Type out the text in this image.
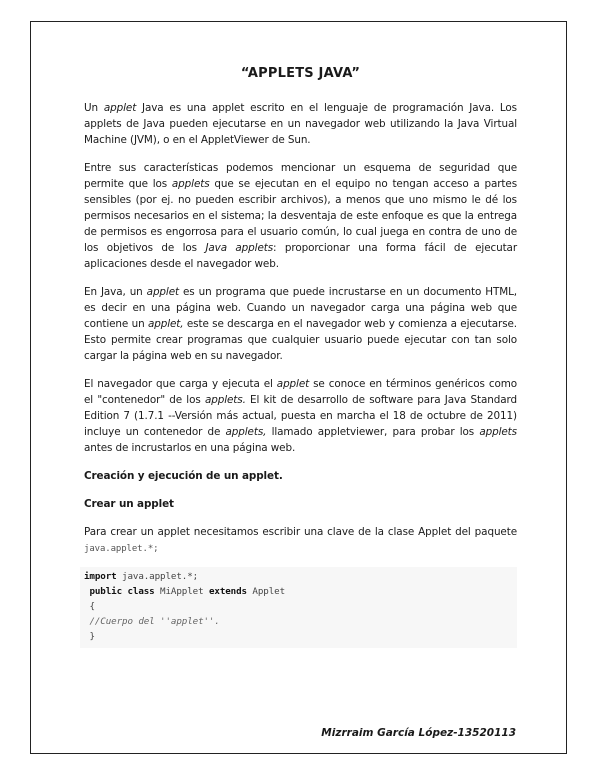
“APPLETS JAVA”

Un applet Java es una applet escrito en el lenguaje de programación Java. Los applets de Java pueden ejecutarse en un navegador web utilizando la Java Virtual Machine (JVM), o en el AppletViewer de Sun.

Entre sus características podemos mencionar un esquema de seguridad que permite que los applets que se ejecutan en el equipo no tengan acceso a partes sensibles (por ej. no pueden escribir archivos), a menos que uno mismo le dé los permisos necesarios en el sistema; la desventaja de este enfoque es que la entrega de permisos es engorrosa para el usuario común, lo cual juega en contra de uno de los objetivos de los Java applets: proporcionar una forma fácil de ejecutar aplicaciones desde el navegador web.

En Java, un applet es un programa que puede incrustarse en un documento HTML, es decir en una página web. Cuando un navegador carga una página web que contiene un applet, este se descarga en el navegador web y comienza a ejecutarse. Esto permite crear programas que cualquier usuario puede ejecutar con tan solo cargar la página web en su navegador.

El navegador que carga y ejecuta el applet se conoce en términos genéricos como el "contenedor" de los applets. El kit de desarrollo de software para Java Standard Edition 7 (1.7.1 --Versión más actual, puesta en marcha el 18 de octubre de 2011) incluye un contenedor de applets, llamado appletviewer, para probar los applets antes de incrustarlos en una página web.

Creación y ejecución de un applet.
Crear un applet

Para crear un applet necesitamos escribir una clave de la clase Applet del paquete java.applet.*;

import java.applet.*;
public class MiApplet extends Applet
{
//Cuerpo del ''applet''.
}
Mizrraim García López-13520113
